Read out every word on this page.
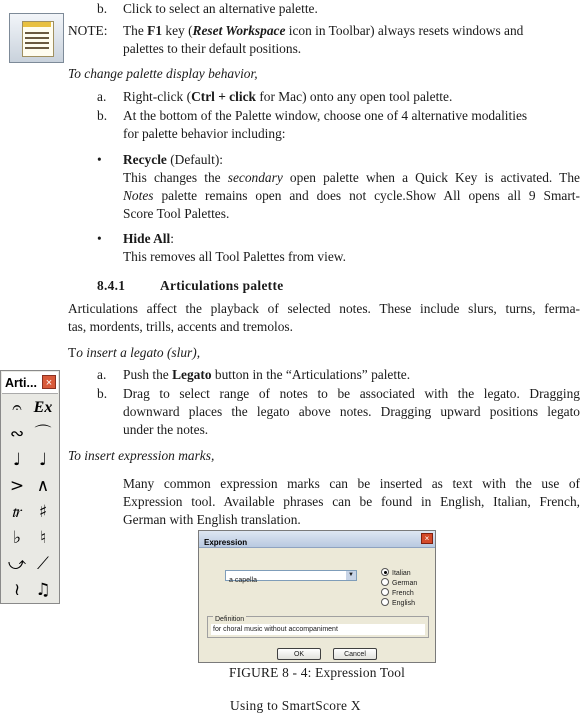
b. Click to select an alternative palette.
NOTE: The F1 key (Reset Workspace icon in Toolbar) always resets windows and
palettes to their default positions.
To change palette display behavior,
a. Right-click (Ctrl + click for Mac) onto any open tool palette.
b. At the bottom of the Palette window, choose one of 4 alternative modalities
for palette behavior including:
• Recycle (Default):
This changes the secondary open palette when a Quick Key is activated. The
Notes palette remains open and does not cycle.Show All opens all 9 Smart-
Score Tool Palettes.
• Hide All:
This removes all Tool Palettes from view.
8.4.1	Articulations palette
Articulations affect the playback of selected notes. These include slurs, turns, ferma-
tas, mordents, trills, accents and tremolos.
To insert a legato (slur),
a. Push the Legato button in the “Articulations” palette.
b. Drag to select range of notes to be associated with the legato. Dragging
downward places the legato above notes. Dragging upward positions legato
under the notes.
To insert expression marks,
Many common expression marks can be inserted as text with the use of
Expression tool. Available phrases can be found in English, Italian, French,
German with English translation.
Arti... ×
𝄐 Ex
∾ ⌒
♩	♩
> ∧
𝆖	♯
♭	♮
⤻ ⟋
≀ ♫
Expression	×
a capella
▼
Definition
for choral music without accompaniment
OK	Cancel
Italian
German
French
English
FIGURE 8 - 4: Expression Tool
Using to SmartScore X
